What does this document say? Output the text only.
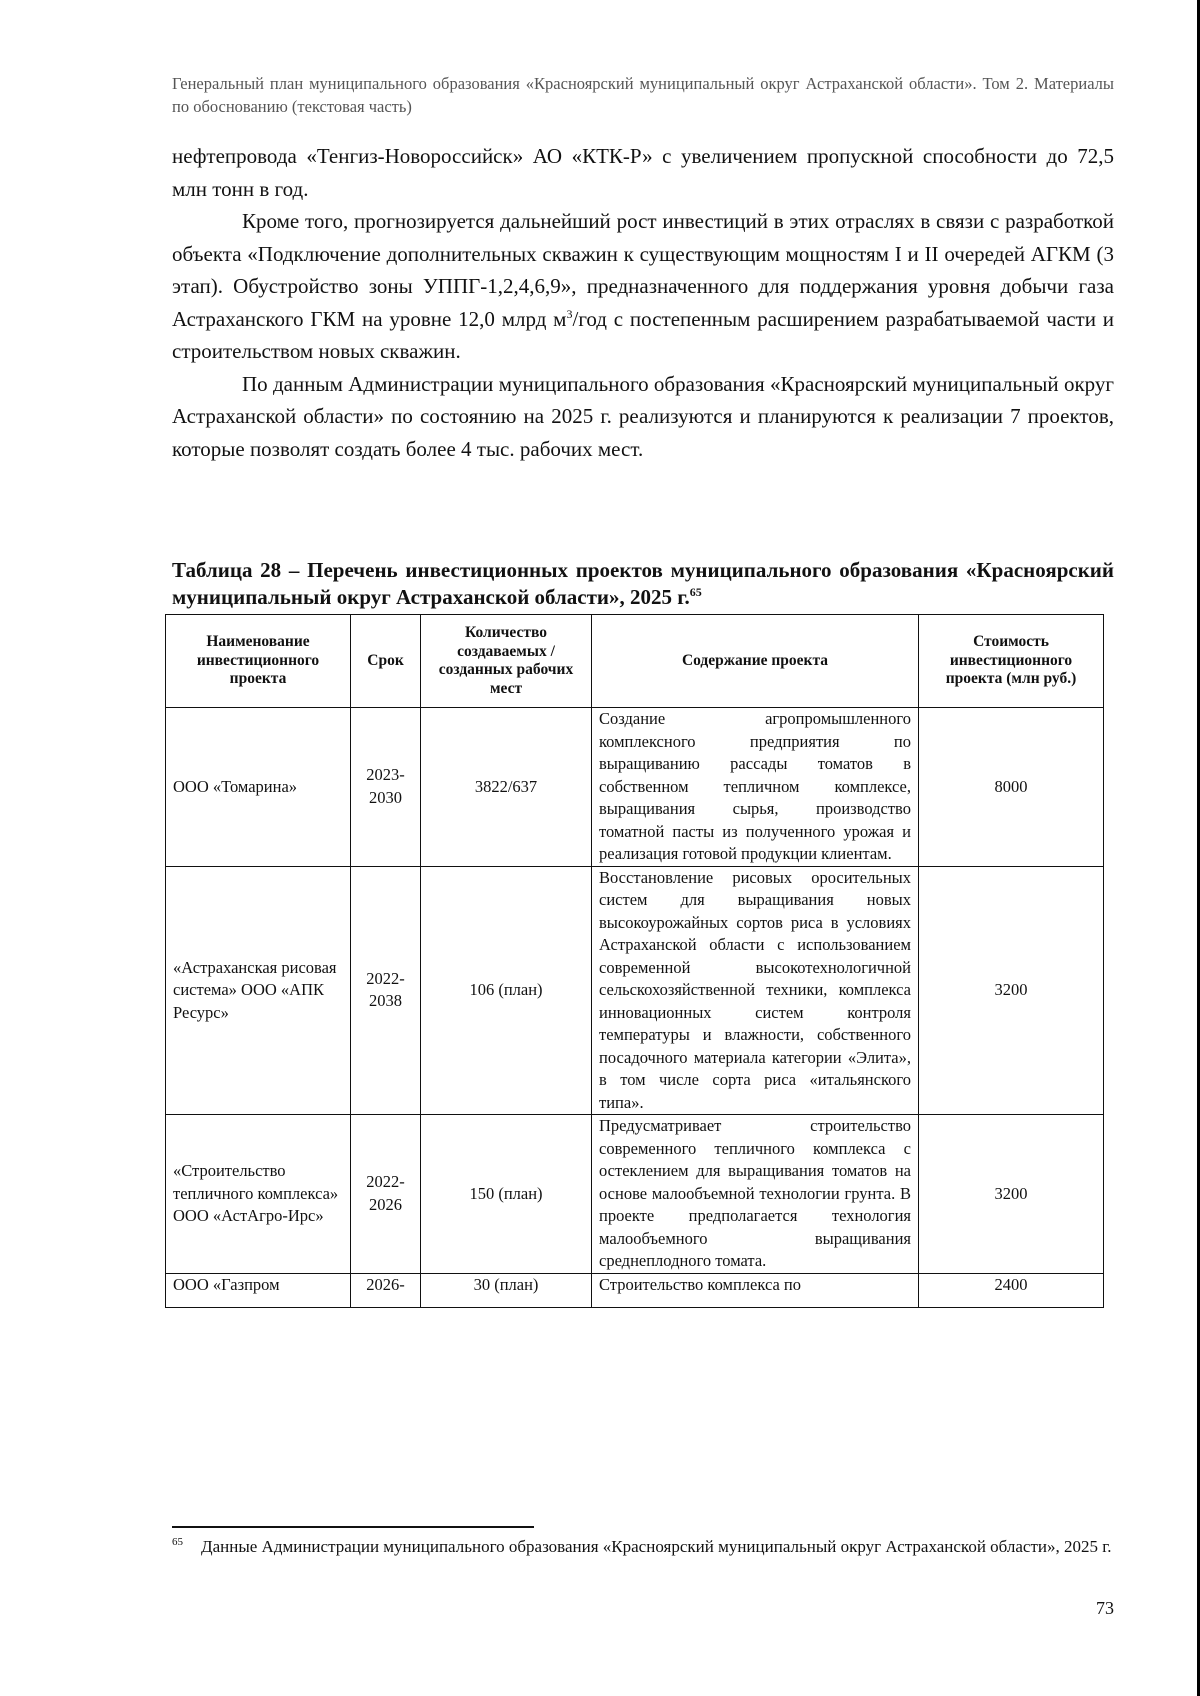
Генеральный план муниципального образования «Красноярский муниципальный округ Астраханской области». Том 2. Материалы по обоснованию (текстовая часть)

нефтепровода «Тенгиз-Новороссийск» АО «КТК-Р» с увеличением пропускной способности до 72,5 млн тонн в год.

Кроме того, прогнозируется дальнейший рост инвестиций в этих отраслях в связи с разработкой объекта «Подключение дополнительных скважин к существующим мощностям I и II очередей АГКМ (3 этап). Обустройство зоны УППГ-1,2,4,6,9», предназначенного для поддержания уровня добычи газа Астраханского ГКМ на уровне 12,0 млрд $м^3$/год с постепенным расширением разрабатываемой части и строительством новых скважин.

По данным Администрации муниципального образования «Красноярский муниципальный округ Астраханской области» по состоянию на 2025 г. реализуются и планируются к реализации 7 проектов, которые позволят создать более 4 тыс. рабочих мест.

Таблица 28 – Перечень инвестиционных проектов муниципального образования «Красноярский муниципальный округ Астраханской области», 2025 г.$^{65}$
Наименование инвестиционного проекта	Срок	Количество создаваемых / созданных рабочих мест	Содержание проекта	Стоимость инвестиционного проекта (млн руб.)
ООО «Томарина»	2023-2030	3822/637	Создание агропромышленного комплексного предприятия по выращиванию рассады томатов в собственном тепличном комплексе, выращивания сырья, производство томатной пасты из полученного урожая и реализация готовой продукции клиентам.	8000
«Астраханская рисовая система» ООО «АПК Ресурс»	2022-2038	106 (план)	Восстановление рисовых оросительных систем для выращивания новых высокоурожайных сортов риса в условиях Астраханской области с использованием современной высокотехнологичной сельскохозяйственной техники, комплекса инновационных систем контроля температуры и влажности, собственного посадочного материала категории «Элита», в том числе сорта риса «итальянского типа».	3200
«Строительство тепличного комплекса» ООО «АстАгро-Ирс»	2022-2026	150 (план)	Предусматривает строительство современного тепличного комплекса с остеклением для выращивания томатов на основе малообъемной технологии грунта. В проекте предполагается технология малообъемного выращивания среднеплодного томата.	3200
ООО «Газпром	2026-	30 (план)	Строительство комплекса по	2400
$^{65}$ Данные Администрации муниципального образования «Красноярский муниципальный округ Астраханской области», 2025 г.
73
